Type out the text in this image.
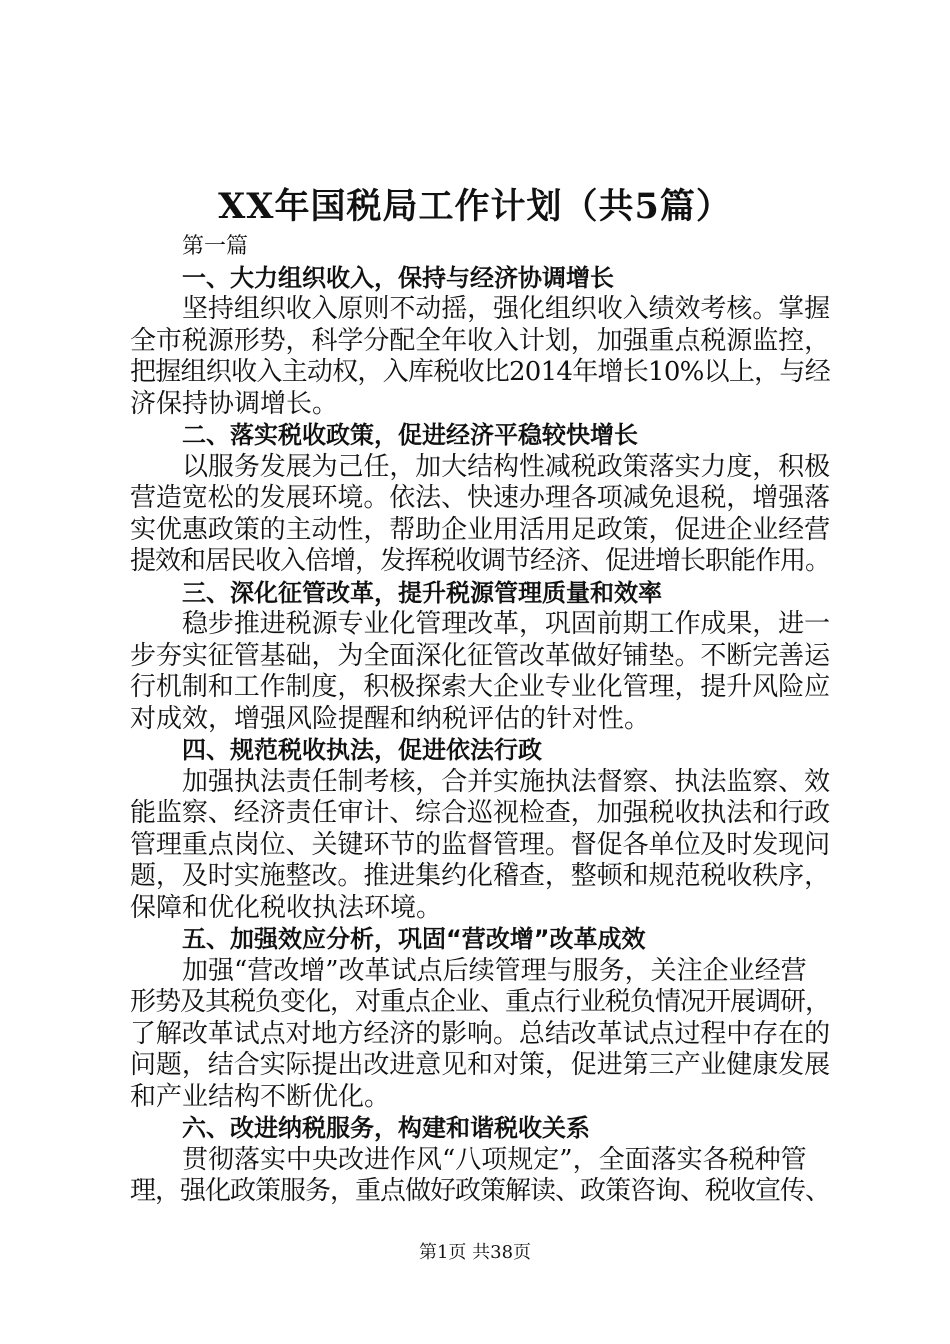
XX年国税局工作计划（共5篇）
第一篇
一、大力组织收入，保持与经济协调增长
坚持组织收入原则不动摇，强化组织收入绩效考核。掌握
全市税源形势，科学分配全年收入计划，加强重点税源监控，
把握组织收入主动权，入库税收比2014年增长10%以上，与经
济保持协调增长。
二、落实税收政策，促进经济平稳较快增长
以服务发展为己任，加大结构性减税政策落实力度，积极
营造宽松的发展环境。依法、快速办理各项减免退税，增强落
实优惠政策的主动性，帮助企业用活用足政策，促进企业经营
提效和居民收入倍增，发挥税收调节经济、促进增长职能作用。
三、深化征管改革，提升税源管理质量和效率
稳步推进税源专业化管理改革，巩固前期工作成果，进一
步夯实征管基础，为全面深化征管改革做好铺垫。不断完善运
行机制和工作制度，积极探索大企业专业化管理，提升风险应
对成效，增强风险提醒和纳税评估的针对性。
四、规范税收执法，促进依法行政
加强执法责任制考核，合并实施执法督察、执法监察、效
能监察、经济责任审计、综合巡视检查，加强税收执法和行政
管理重点岗位、关键环节的监督管理。督促各单位及时发现问
题，及时实施整改。推进集约化稽查，整顿和规范税收秩序，
保障和优化税收执法环境。
五、加强效应分析，巩固“营改增”改革成效
加强“营改增”改革试点后续管理与服务，关注企业经营
形势及其税负变化，对重点企业、重点行业税负情况开展调研，
了解改革试点对地方经济的影响。总结改革试点过程中存在的
问题，结合实际提出改进意见和对策，促进第三产业健康发展
和产业结构不断优化。
六、改进纳税服务，构建和谐税收关系
贯彻落实中央改进作风“八项规定”，全面落实各税种管
理，强化政策服务，重点做好政策解读、政策咨询、税收宣传、
第1页 共38页
